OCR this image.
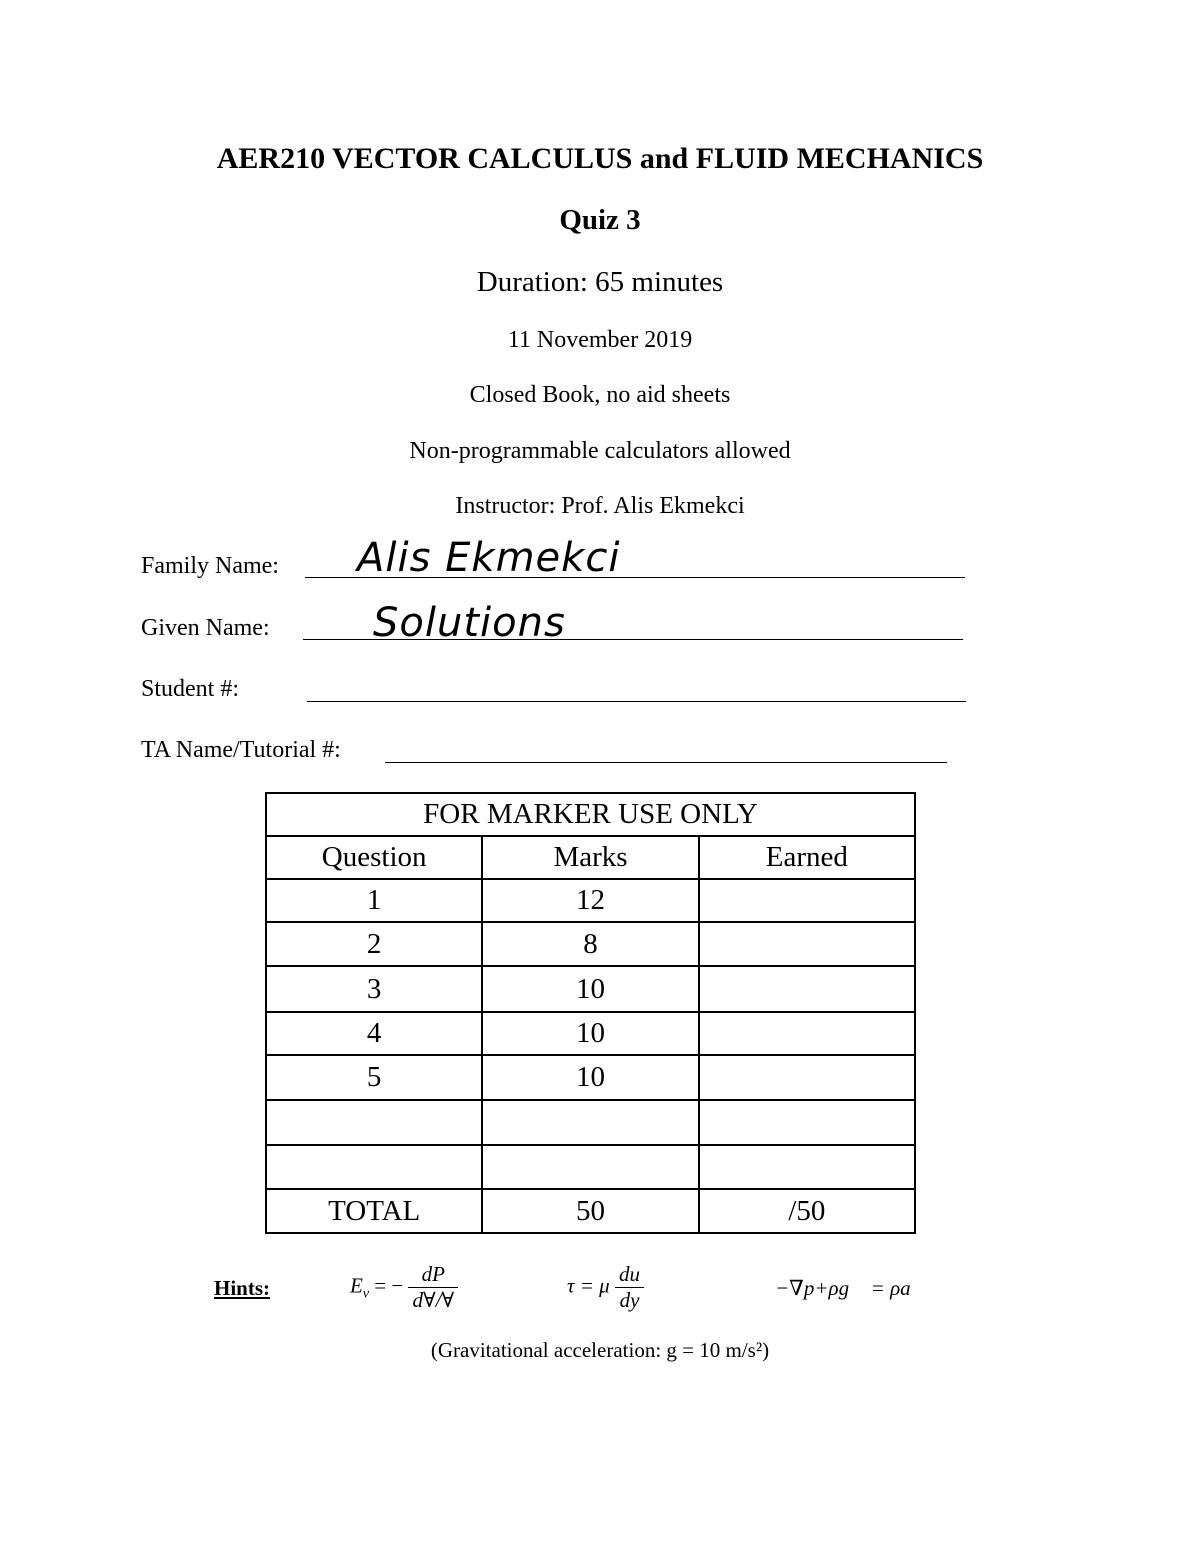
AER210 VECTOR CALCULUS and FLUID MECHANICS
Quiz 3
Duration: 65 minutes
11 November 2019
Closed Book, no aid sheets
Non-programmable calculators allowed
Instructor: Prof. Alis Ekmekci
Family Name: Alis Ekmekci
Given Name:	Solutions
Student #:
TA Name/Tutorial #:
FOR MARKER USE ONLY		
Question	Marks	Earned
1	12	
2	8	
3	10	
4	10	
5	10	

TOTAL	50	/50
Hints:	$E_v$ = − $\frac{dP}{d\forall/\forall}$	τ = μ $\frac{du}{dy}$	−∇p+ρg⃗ = ρa⃗
(Gravitational acceleration: g = 10 m/s²)
